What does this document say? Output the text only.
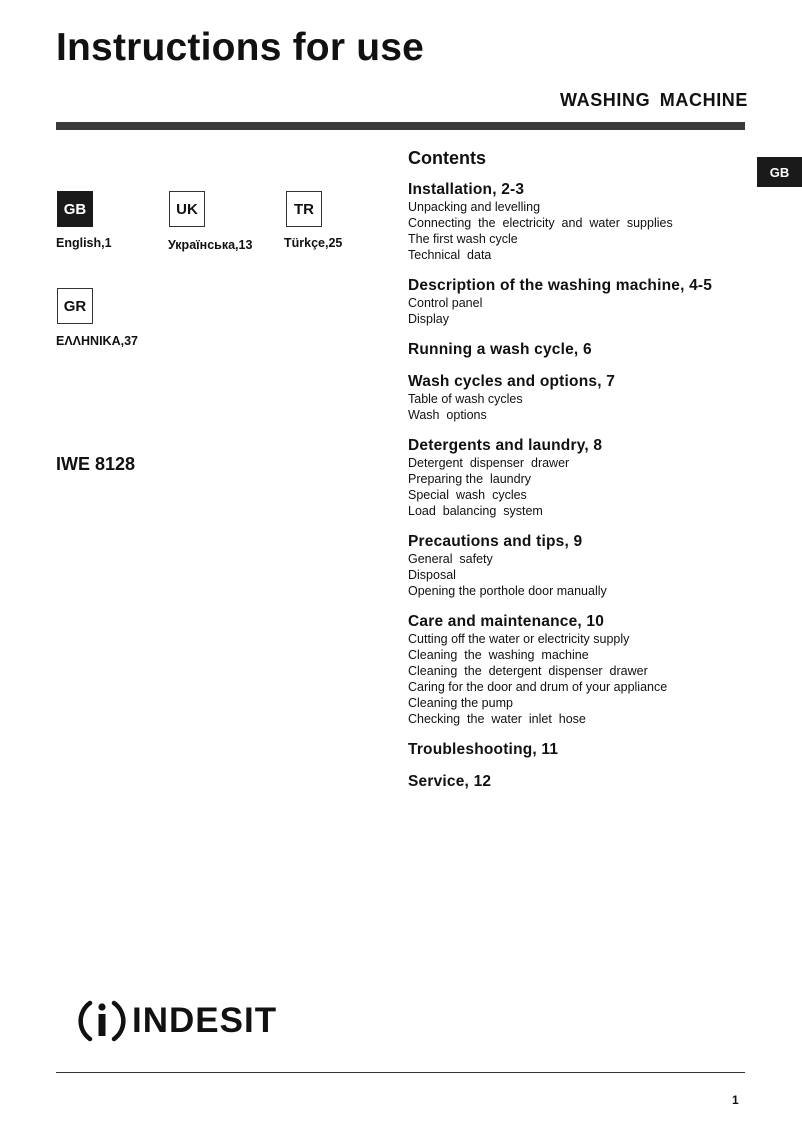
Instructions for use
WASHING MACHINE
GB
GB
English,1
UK
Українська,13
TR
Türkçe,25
GR
ΕΛΛΗΝΙΚΑ,37
IWE 8128
Contents
Installation, 2-3
Unpacking and levelling
Connecting  the  electricity  and  water  supplies
The first wash cycle
Technical  data
Description of the washing machine, 4-5
Control panel
Display
Running a wash cycle, 6
Wash cycles and options, 7
Table of wash cycles
Wash  options
Detergents and laundry, 8
Detergent  dispenser  drawer
Preparing the  laundry
Special  wash  cycles
Load  balancing  system
Precautions and tips, 9
General  safety
Disposal
Opening the porthole door manually
Care and maintenance, 10
Cutting off the water or electricity supply
Cleaning  the  washing  machine
Cleaning  the  detergent  dispenser  drawer
Caring for the door and drum of your appliance
Cleaning the pump
Checking  the  water  inlet  hose
Troubleshooting, 11
Service, 12
INDESIT
1
